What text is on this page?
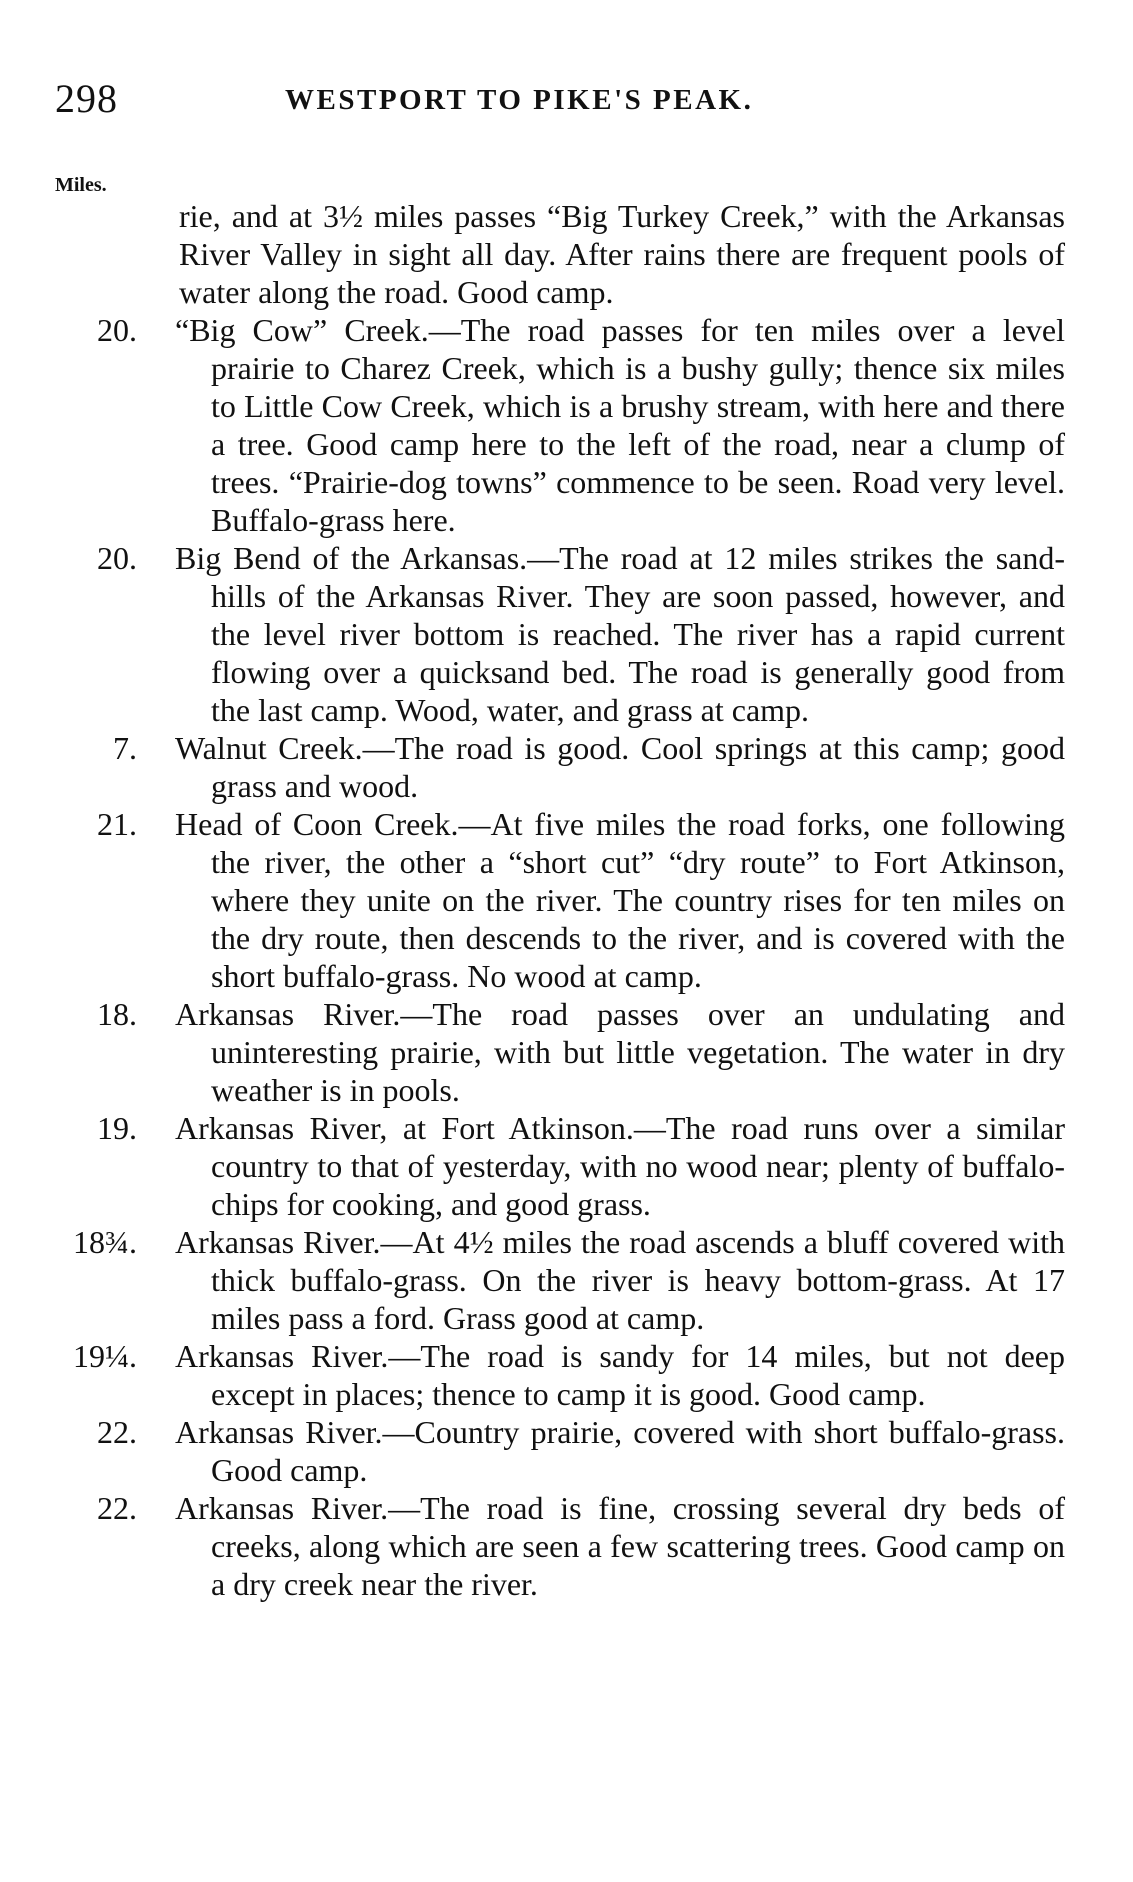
298	WESTPORT TO PIKE'S PEAK.
Miles.
rie, and at 3½ miles passes “Big Turkey Creek,” with the Arkansas River Valley in sight all day. After rains there are frequent pools of water along the road. Good camp.
20. “Big Cow” Creek.—The road passes for ten miles over a level prairie to Charez Creek, which is a bushy gully; thence six miles to Little Cow Creek, which is a brushy stream, with here and there a tree. Good camp here to the left of the road, near a clump of trees. “Prairie-dog towns” commence to be seen. Road very level. Buffalo-grass here.
20. Big Bend of the Arkansas.—The road at 12 miles strikes the sand-hills of the Arkansas River. They are soon passed, however, and the level river bottom is reached. The river has a rapid current flowing over a quicksand bed. The road is generally good from the last camp. Wood, water, and grass at camp.
7. Walnut Creek.—The road is good. Cool springs at this camp; good grass and wood.
21. Head of Coon Creek.—At five miles the road forks, one following the river, the other a “short cut” “dry route” to Fort Atkinson, where they unite on the river. The country rises for ten miles on the dry route, then descends to the river, and is covered with the short buffalo-grass. No wood at camp.
18. Arkansas River.—The road passes over an undulating and uninteresting prairie, with but little vegetation. The water in dry weather is in pools.
19. Arkansas River, at Fort Atkinson.—The road runs over a similar country to that of yesterday, with no wood near; plenty of buffalo-chips for cooking, and good grass.
18¾. Arkansas River.—At 4½ miles the road ascends a bluff covered with thick buffalo-grass. On the river is heavy bottom-grass. At 17 miles pass a ford. Grass good at camp.
19¼. Arkansas River.—The road is sandy for 14 miles, but not deep except in places; thence to camp it is good. Good camp.
22. Arkansas River.—Country prairie, covered with short buffalo-grass. Good camp.
22. Arkansas River.—The road is fine, crossing several dry beds of creeks, along which are seen a few scattering trees. Good camp on a dry creek near the river.
